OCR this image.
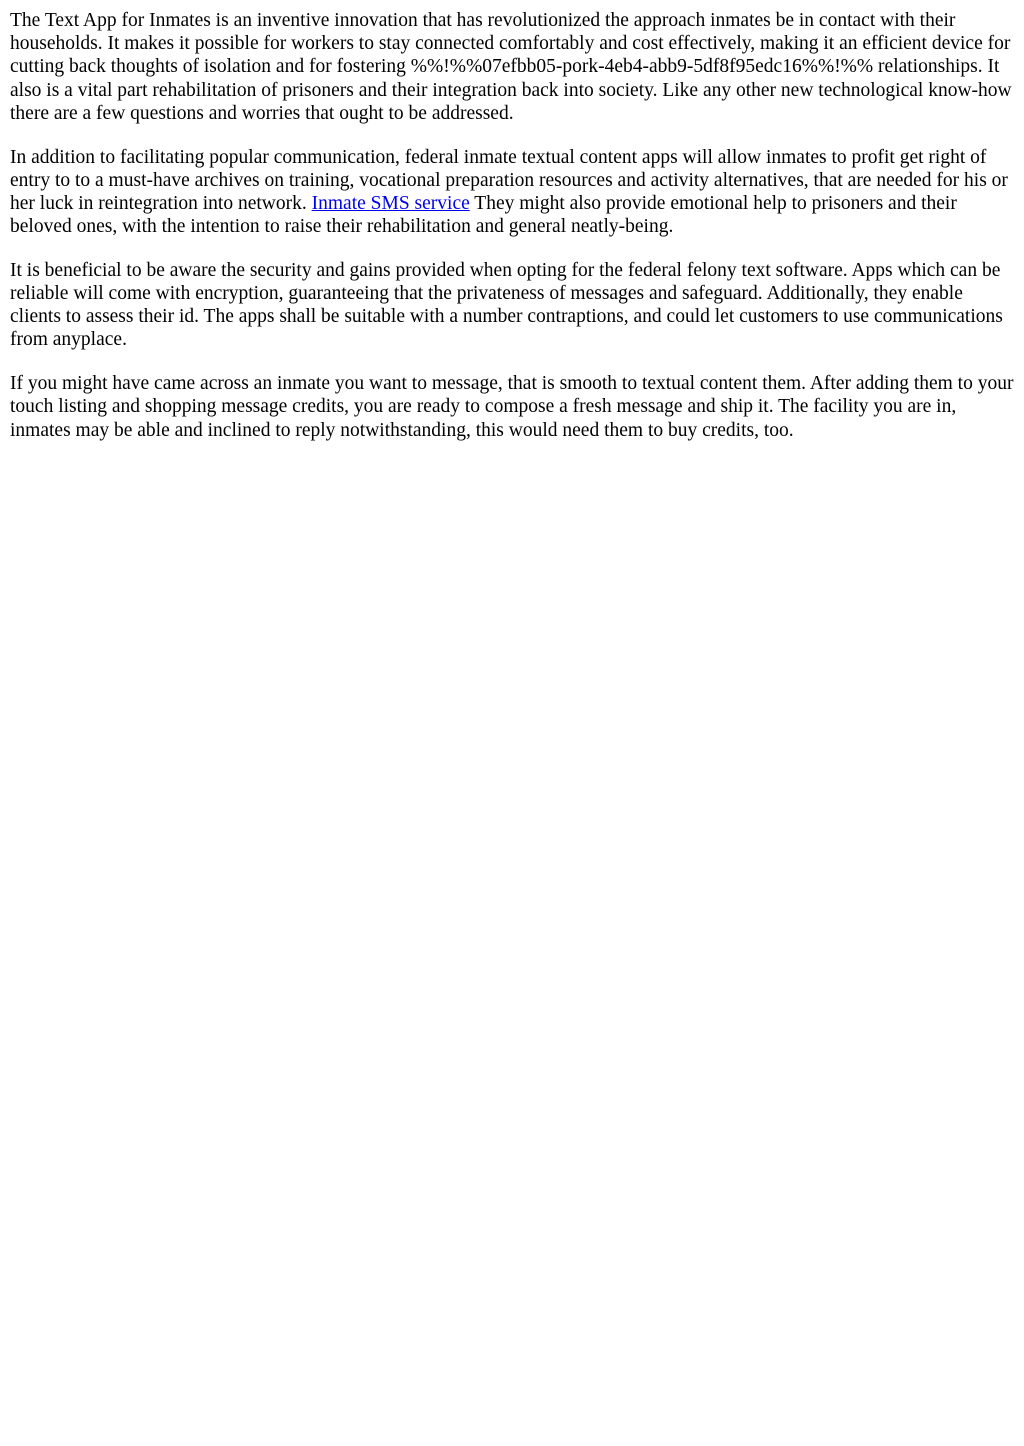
The Text App for Inmates is an inventive innovation that has revolutionized the approach inmates be in contact with their households. It makes it possible for workers to stay connected comfortably and cost effectively, making it an efficient device for cutting back thoughts of isolation and for fostering %%!%%07efbb05-pork-4eb4-abb9-5df8f95edc16%%!%% relationships. It also is a vital part rehabilitation of prisoners and their integration back into society. Like any other new technological know-how there are a few questions and worries that ought to be addressed.

In addition to facilitating popular communication, federal inmate textual content apps will allow inmates to profit get right of entry to to a must-have archives on training, vocational preparation resources and activity alternatives, that are needed for his or her luck in reintegration into network. Inmate SMS service They might also provide emotional help to prisoners and their beloved ones, with the intention to raise their rehabilitation and general neatly-being.

It is beneficial to be aware the security and gains provided when opting for the federal felony text software. Apps which can be reliable will come with encryption, guaranteeing that the privateness of messages and safeguard. Additionally, they enable clients to assess their id. The apps shall be suitable with a number contraptions, and could let customers to use communications from anyplace.

If you might have came across an inmate you want to message, that is smooth to textual content them. After adding them to your touch listing and shopping message credits, you are ready to compose a fresh message and ship it. The facility you are in, inmates may be able and inclined to reply notwithstanding, this would need them to buy credits, too.
